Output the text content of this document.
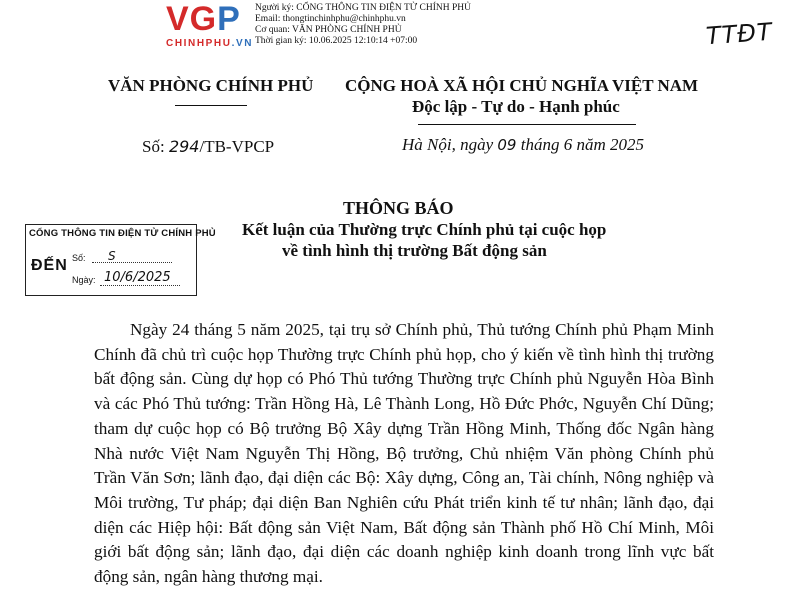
VGP
CHINHPHU.VN
Người ký: CỔNG THÔNG TIN ĐIỆN TỬ CHÍNH PHỦ
Email: thongtinchinhphu@chinhphu.vn
Cơ quan: VĂN PHÒNG CHÍNH PHỦ
Thời gian ký: 10.06.2025 12:10:14 +07:00	TTĐT
VĂN PHÒNG CHÍNH PHỦ CỘNG HOÀ XÃ HỘI CHỦ NGHĨA VIỆT NAM
Độc lập - Tự do - Hạnh phúc
Số: 294/TB-VPCP	Hà Nội, ngày 09 tháng 6 năm 2025
THÔNG BÁO
Kết luận của Thường trực Chính phủ tại cuộc họp
về tình hình thị trường Bất động sản
CỔNG THÔNG TIN ĐIỆN TỬ CHÍNH PHỦ
ĐẾN Số: S
Ngày: 10/6/2025
Ngày 24 tháng 5 năm 2025, tại trụ sở Chính phủ, Thủ tướng Chính phủ Phạm Minh Chính đã chủ trì cuộc họp Thường trực Chính phủ họp, cho ý kiến về tình hình thị trường bất động sản. Cùng dự họp có Phó Thủ tướng Thường trực Chính phủ Nguyễn Hòa Bình và các Phó Thủ tướng: Trần Hồng Hà, Lê Thành Long, Hồ Đức Phớc, Nguyễn Chí Dũng; tham dự cuộc họp có Bộ trưởng Bộ Xây dựng Trần Hồng Minh, Thống đốc Ngân hàng Nhà nước Việt Nam Nguyễn Thị Hồng, Bộ trưởng, Chủ nhiệm Văn phòng Chính phủ Trần Văn Sơn; lãnh đạo, đại diện các Bộ: Xây dựng, Công an, Tài chính, Nông nghiệp và Môi trường, Tư pháp; đại diện Ban Nghiên cứu Phát triển kinh tế tư nhân; lãnh đạo, đại diện các Hiệp hội: Bất động sản Việt Nam, Bất động sản Thành phố Hồ Chí Minh, Môi giới bất động sản; lãnh đạo, đại diện các doanh nghiệp kinh doanh trong lĩnh vực bất động sản, ngân hàng thương mại.
